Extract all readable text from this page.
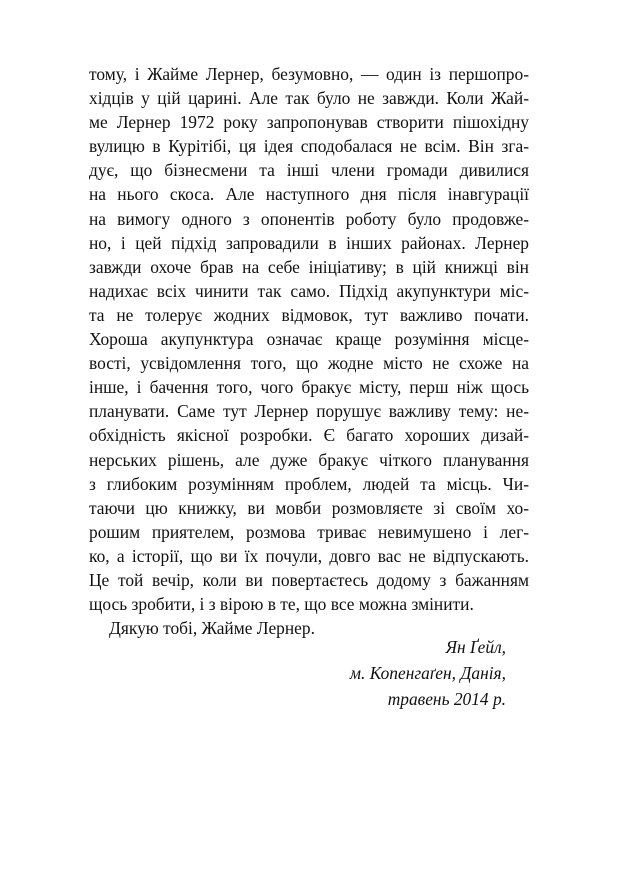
тому, і Жайме Лернер, безумовно, — один із першопро-
хідців у цій царині. Але так було не завжди. Коли Жай-
ме Лернер 1972 року запропонував створити пішохідну
вулицю в Курітібі, ця ідея сподобалася не всім. Він зга-
дує, що бізнесмени та інші члени громади дивилися
на нього скоса. Але наступного дня після інавгурації
на вимогу одного з опонентів роботу було продовже-
но, і цей підхід запровадили в інших районах. Лернер
завжди охоче брав на себе ініціативу; в цій книжці він
надихає всіх чинити так само. Підхід акупунктури міс-
та не толерує жодних відмовок, тут важливо почати.
Хороша акупунктура означає краще розуміння місце-
вості, усвідомлення того, що жодне місто не схоже на
інше, і бачення того, чого бракує місту, перш ніж щось
планувати. Саме тут Лернер порушує важливу тему: не-
обхідність якісної розробки. Є багато хороших дизай-
нерських рішень, але дуже бракує чіткого планування
з глибоким розумінням проблем, людей та місць. Чи-
таючи цю книжку, ви мовби розмовляєте зі своїм хо-
рошим приятелем, розмова триває невимушено і лег-
ко, а історії, що ви їх почули, довго вас не відпускають.
Це той вечір, коли ви повертаєтесь додому з бажанням
щось зробити, і з вірою в те, що все можна змінити.
Дякую тобі, Жайме Лернер.
Ян Ґейл,
м. Копенгаґен, Данія,
травень 2014 р.
